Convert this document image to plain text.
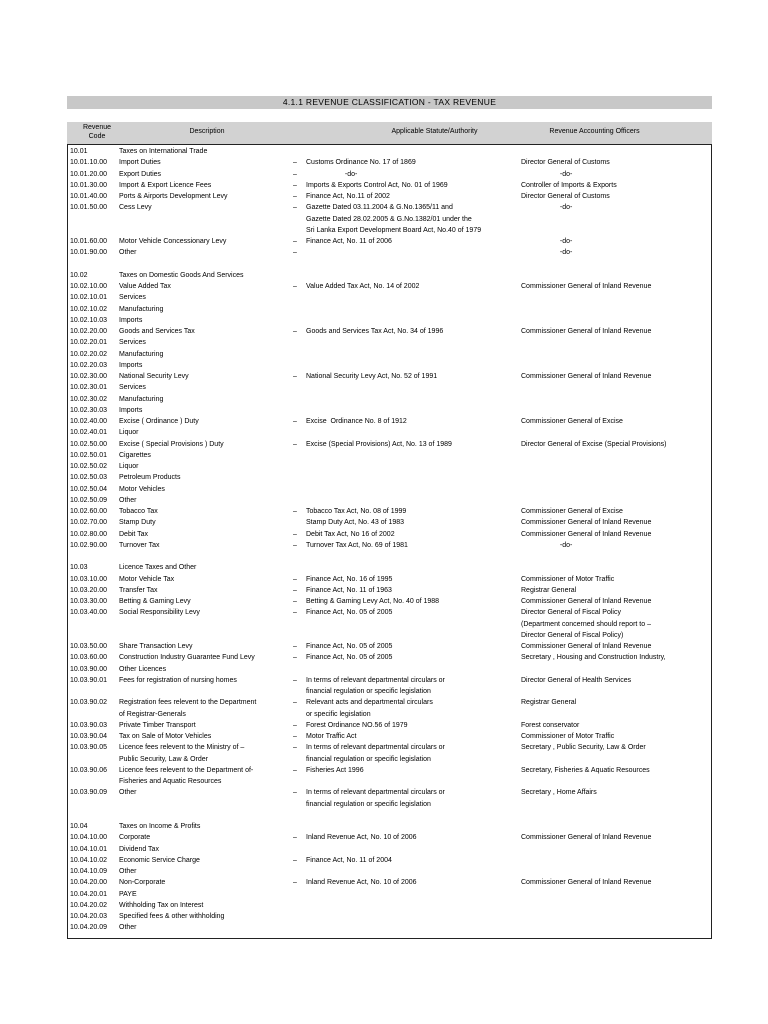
4.1.1 REVENUE CLASSIFICATION - TAX REVENUE
Revenue
Code
Description	Applicable Statute/Authority	Revenue Accounting Officers
10.01	Taxes on International Trade
10.01.10.00 Import Duties	– Customs Ordinance No. 17 of 1869	Director General of Customs
10.01.20.00 Export Duties	– -do-	-do-
10.01.30.00 Import & Export Licence Fees	– Imports & Exports Control Act, No. 01 of 1969	Controller of Imports & Exports
10.01.40.00 Ports & Airports Development Levy	– Finance Act, No.11 of 2002	Director General of Customs
10.01.50.00 Cess Levy	– Gazette Dated 03.11.2004 & G.No.1365/11 and	-do-
Gazette Dated 28.02.2005 & G.No.1382/01 under the
Sri Lanka Export Development Board Act, No.40 of 1979
10.01.60.00 Motor Vehicle Concessionary Levy	– Finance Act, No. 11 of 2006	-do-
10.01.90.00 Other	–	-do-
10.02	Taxes on Domestic Goods And Services
10.02.10.00 Value Added Tax	– Value Added Tax Act, No. 14 of 2002	Commissioner General of Inland Revenue
10.02.10.01 Services
10.02.10.02 Manufacturing
10.02.10.03 Imports
10.02.20.00 Goods and Services Tax	– Goods and Services Tax Act, No. 34 of 1996	Commissioner General of Inland Revenue
10.02.20.01 Services
10.02.20.02 Manufacturing
10.02.20.03 Imports
10.02.30.00 National Security Levy	– National Security Levy Act, No. 52 of 1991	Commissioner General of Inland Revenue
10.02.30.01 Services
10.02.30.02 Manufacturing
10.02.30.03 Imports
10.02.40.00 Excise ( Ordinance ) Duty	– Excise  Ordinance No. 8 of 1912	Commissioner General of Excise
10.02.40.01 Liquor
10.02.50.00 Excise ( Special Provisions ) Duty	– Excise (Special Provisions) Act, No. 13 of 1989	Director General of Excise (Special Provisions)
10.02.50.01 Cigarettes
10.02.50.02 Liquor
10.02.50.03 Petroleum Products
10.02.50.04 Motor Vehicles
10.02.50.09 Other
10.02.60.00 Tobacco Tax	– Tobacco Tax Act, No. 08 of 1999	Commissioner General of Excise
10.02.70.00 Stamp Duty	Stamp Duty Act, No. 43 of 1983	Commissioner General of Inland Revenue
10.02.80.00 Debit Tax	– Debit Tax Act, No 16 of 2002	Commissioner General of Inland Revenue
10.02.90.00 Turnover Tax	– Turnover Tax Act, No. 69 of 1981	-do-
10.03	Licence Taxes and Other
10.03.10.00 Motor Vehicle Tax	– Finance Act, No. 16 of 1995	Commissioner of Motor Traffic
10.03.20.00 Transfer Tax	– Finance Act, No. 11 of 1963	Registrar General
10.03.30.00 Betting & Gaming Levy	– Betting & Gaming Levy Act, No. 40 of 1988	Commissioner General of Inland Revenue
10.03.40.00 Social Responsibility Levy	– Finance Act, No. 05 of 2005	Director General of Fiscal Policy
(Department concerned should report to –
Director General of Fiscal Policy)
10.03.50.00 Share Transaction Levy	– Finance Act, No. 05 of 2005	Commissioner General of Inland Revenue
10.03.60.00 Construction Industry Guarantee Fund Levy	– Finance Act, No. 05 of 2005	Secretary , Housing and Construction Industry,
10.03.90.00 Other Licences
10.03.90.01 Fees for registration of nursing homes	– In terms of relevant departmental circulars or	Director General of Health Services
financial regulation or specific legislation
10.03.90.02 Registration fees relevent to the Department	– Relevant acts and departmental circulars	Registrar General
of Registrar-Generals	or specific legislation
10.03.90.03 Private Timber Transport	– Forest Ordinance NO.56 of 1979	Forest conservator
10.03.90.04 Tax on Sale of Motor Vehicles	– Motor Traffic Act	Commissioner of Motor Traffic
10.03.90.05 Licence fees relevent to the Ministry of –	– In terms of relevant departmental circulars or	Secretary , Public Security, Law & Order
Public Security, Law & Order	financial regulation or specific legislation
10.03.90.06 Licence fees relevent to the Department of-	– Fisheries Act 1996	Secretary, Fisheries & Aquatic Resources
Fisheries and Aquatic Resources
10.03.90.09 Other	– In terms of relevant departmental circulars or	Secretary , Home Affairs
financial regulation or specific legislation
10.04	Taxes on Income & Profits
10.04.10.00 Corporate	– Inland Revenue Act, No. 10 of 2006	Commissioner General of Inland Revenue
10.04.10.01 Dividend Tax
10.04.10.02 Economic Service Charge	– Finance Act, No. 11 of 2004
10.04.10.09 Other
10.04.20.00 Non-Corporate	– Inland Revenue Act, No. 10 of 2006	Commissioner General of Inland Revenue
10.04.20.01 PAYE
10.04.20.02 Withholding Tax on Interest
10.04.20.03 Specified fees & other withholding
10.04.20.09 Other
